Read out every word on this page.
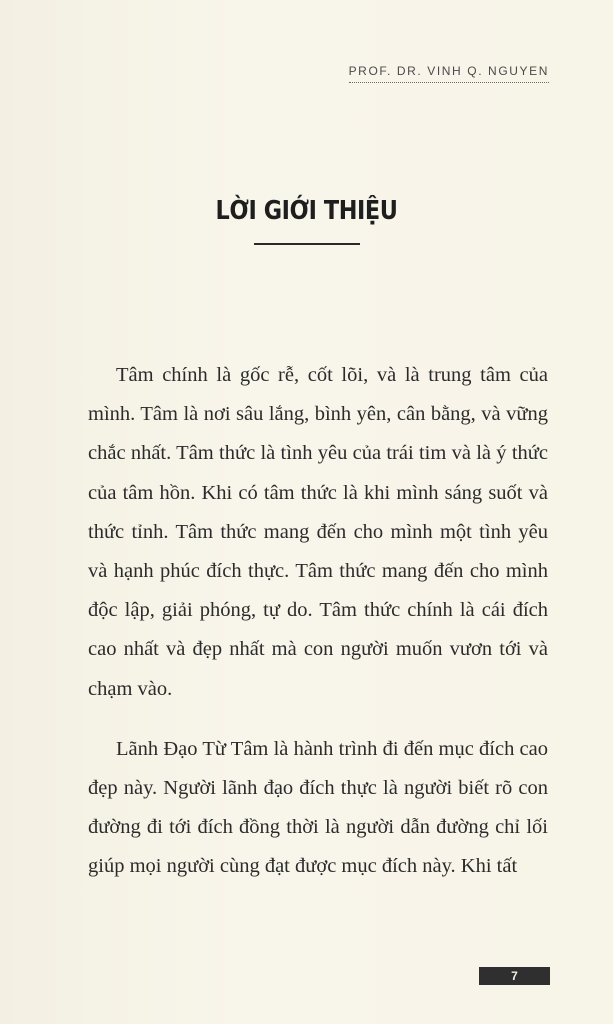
PROF. DR. VINH Q. NGUYEN
LỜI GIỚI THIỆU

Tâm chính là gốc rễ, cốt lõi, và là trung tâm của mình. Tâm là nơi sâu lắng, bình yên, cân bằng, và vững chắc nhất. Tâm thức là tình yêu của trái tim và là ý thức của tâm hồn. Khi có tâm thức là khi mình sáng suốt và thức tỉnh. Tâm thức mang đến cho mình một tình yêu và hạnh phúc đích thực. Tâm thức mang đến cho mình độc lập, giải phóng, tự do. Tâm thức chính là cái đích cao nhất và đẹp nhất mà con người muốn vươn tới và chạm vào.

Lãnh Đạo Từ Tâm là hành trình đi đến mục đích cao đẹp này. Người lãnh đạo đích thực là người biết rõ con đường đi tới đích đồng thời là người dẫn đường chỉ lối giúp mọi người cùng đạt được mục đích này. Khi tất

7
